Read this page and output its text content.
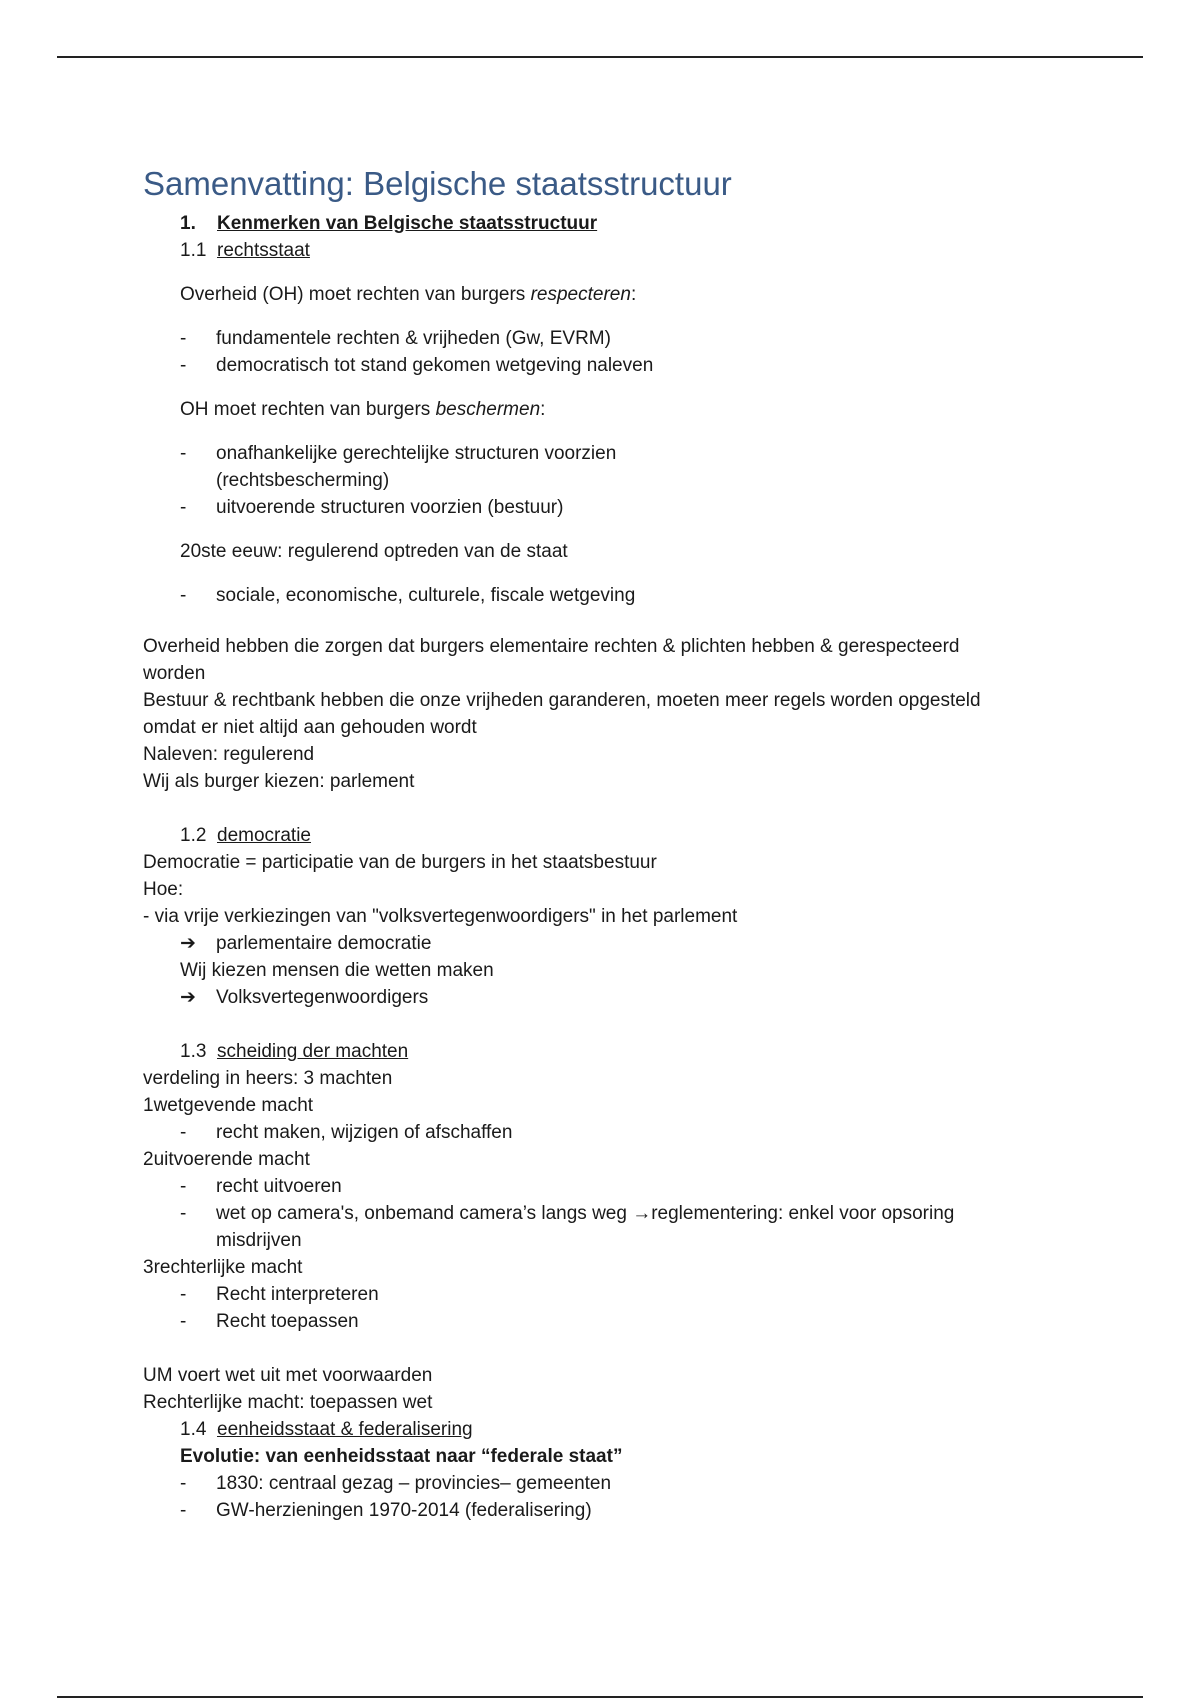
Samenvatting: Belgische staatsstructuur
1. Kenmerken van Belgische staatsstructuur
1.1 rechtsstaat
Overheid (OH) moet rechten van burgers respecteren:
- fundamentele rechten & vrijheden (Gw, EVRM)
- democratisch tot stand gekomen wetgeving naleven
OH moet rechten van burgers beschermen:
- onafhankelijke gerechtelijke structuren voorzien
(rechtsbescherming)
- uitvoerende structuren voorzien (bestuur)
20ste eeuw: regulerend optreden van de staat
- sociale, economische, culturele, fiscale wetgeving
Overheid hebben die zorgen dat burgers elementaire rechten & plichten hebben & gerespecteerd
worden
Bestuur & rechtbank hebben die onze vrijheden garanderen, moeten meer regels worden opgesteld
omdat er niet altijd aan gehouden wordt
Naleven: regulerend
Wij als burger kiezen: parlement
1.2 democratie
Democratie = participatie van de burgers in het staatsbestuur
Hoe:
- via vrije verkiezingen van "volksvertegenwoordigers" in het parlement
➔ parlementaire democratie
Wij kiezen mensen die wetten maken
➔ Volksvertegenwoordigers
1.3 scheiding der machten
verdeling in heers: 3 machten
1wetgevende macht
- recht maken, wijzigen of afschaffen
2uitvoerende macht
- recht uitvoeren
- wet op camera's, onbemand camera’s langs weg →reglementering: enkel voor opsoring
misdrijven
3rechterlijke macht
- Recht interpreteren
- Recht toepassen
UM voert wet uit met voorwaarden
Rechterlijke macht: toepassen wet
1.4 eenheidsstaat & federalisering
Evolutie: van eenheidsstaat naar “federale staat”
- 1830: centraal gezag – provincies– gemeenten
- GW-herzieningen 1970-2014 (federalisering)
